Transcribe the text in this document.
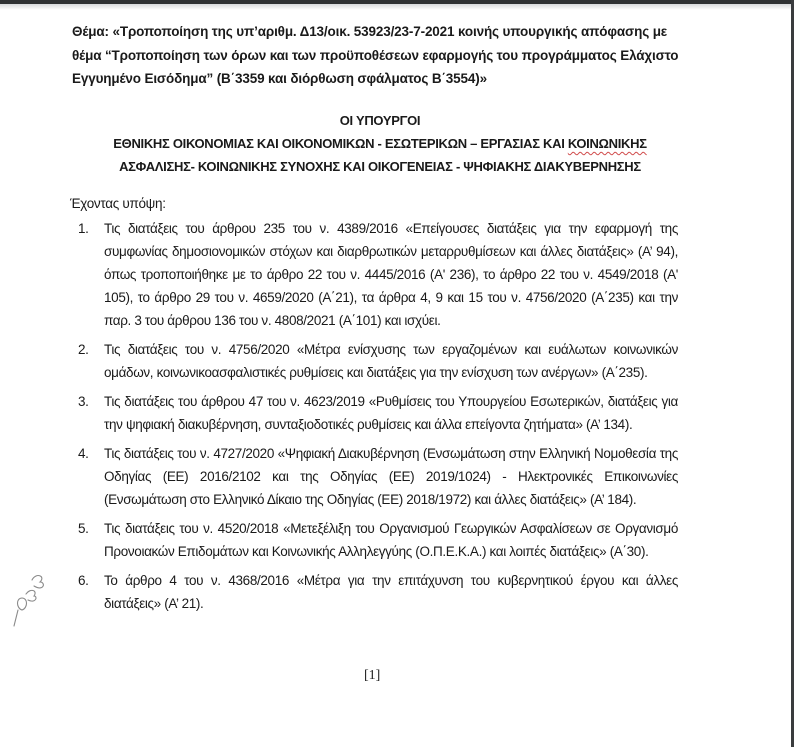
Θέμα: «Τροποποίηση της υπ’αριθμ. Δ13/οικ. 53923/23-7-2021 κοινής υπουργικής απόφασης με θέμα “Τροποποίηση των όρων και των προϋποθέσεων εφαρμογής του προγράμματος Ελάχιστο Εγγυημένο Εισόδημα” (Β΄3359 και διόρθωση σφάλματος Β΄3554)»
ΟΙ ΥΠΟΥΡΓΟΙ
ΕΘΝΙΚΗΣ ΟΙΚΟΝΟΜΙΑΣ ΚΑΙ ΟΙΚΟΝΟΜΙΚΩΝ - ΕΣΩΤΕΡΙΚΩΝ – ΕΡΓΑΣΙΑΣ ΚΑΙ ΚΟΙΝΩΝΙΚΗΣ
ΑΣΦΑΛΙΣΗΣ- ΚΟΙΝΩΝΙΚΗΣ ΣΥΝΟΧΗΣ ΚΑΙ ΟΙΚΟΓΕΝΕΙΑΣ - ΨΗΦΙΑΚΗΣ ΔΙΑΚΥΒΕΡΝΗΣΗΣ
Έχοντας υπόψη:
1.	Τις διατάξεις του άρθρου 235 του ν. 4389/2016 «Επείγουσες διατάξεις για την εφαρμογή της συμφωνίας δημοσιονομικών στόχων και διαρθρωτικών μεταρρυθμίσεων και άλλες διατάξεις» (Α’ 94), όπως τροποποιήθηκε με το άρθρο 22 του ν. 4445/2016 (Α' 236), το άρθρο 22 του ν. 4549/2018 (Α' 105), το άρθρο 29 του ν. 4659/2020 (Α΄21), τα άρθρα 4, 9 και 15 του ν. 4756/2020 (Α΄235) και την παρ. 3 του άρθρου 136 του ν. 4808/2021 (Α΄101) και ισχύει.
2.	Τις διατάξεις του ν. 4756/2020 «Μέτρα ενίσχυσης των εργαζομένων και ευάλωτων κοινωνικών ομάδων, κοινωνικοασφαλιστικές ρυθμίσεις και διατάξεις για την ενίσχυση των ανέργων» (Α΄235).
3.	Τις διατάξεις του άρθρου 47 του ν. 4623/2019 «Ρυθμίσεις του Υπουργείου Εσωτερικών, διατάξεις για την ψηφιακή διακυβέρνηση, συνταξιοδοτικές ρυθμίσεις και άλλα επείγοντα ζητήματα» (Α’ 134).
4.	Τις διατάξεις του ν. 4727/2020 «Ψηφιακή Διακυβέρνηση (Ενσωμάτωση στην Ελληνική Νομοθεσία της Οδηγίας (ΕΕ) 2016/2102 και της Οδηγίας (ΕΕ) 2019/1024) - Ηλεκτρονικές Επικοινωνίες (Ενσωμάτωση στο Ελληνικό Δίκαιο της Οδηγίας (ΕΕ) 2018/1972) και άλλες διατάξεις» (Α’ 184).
5.	Τις διατάξεις του ν. 4520/2018 «Μετεξέλιξη του Οργανισμού Γεωργικών Ασφαλίσεων σε Οργανισμό Προνοιακών Επιδομάτων και Κοινωνικής Αλληλεγγύης (Ο.Π.Ε.Κ.Α.) και λοιπές διατάξεις» (Α΄30).
6.	Το άρθρο 4 του ν. 4368/2016 «Μέτρα για την επιτάχυνση του κυβερνητικού έργου και άλλες διατάξεις» (Α’ 21).
[1]
